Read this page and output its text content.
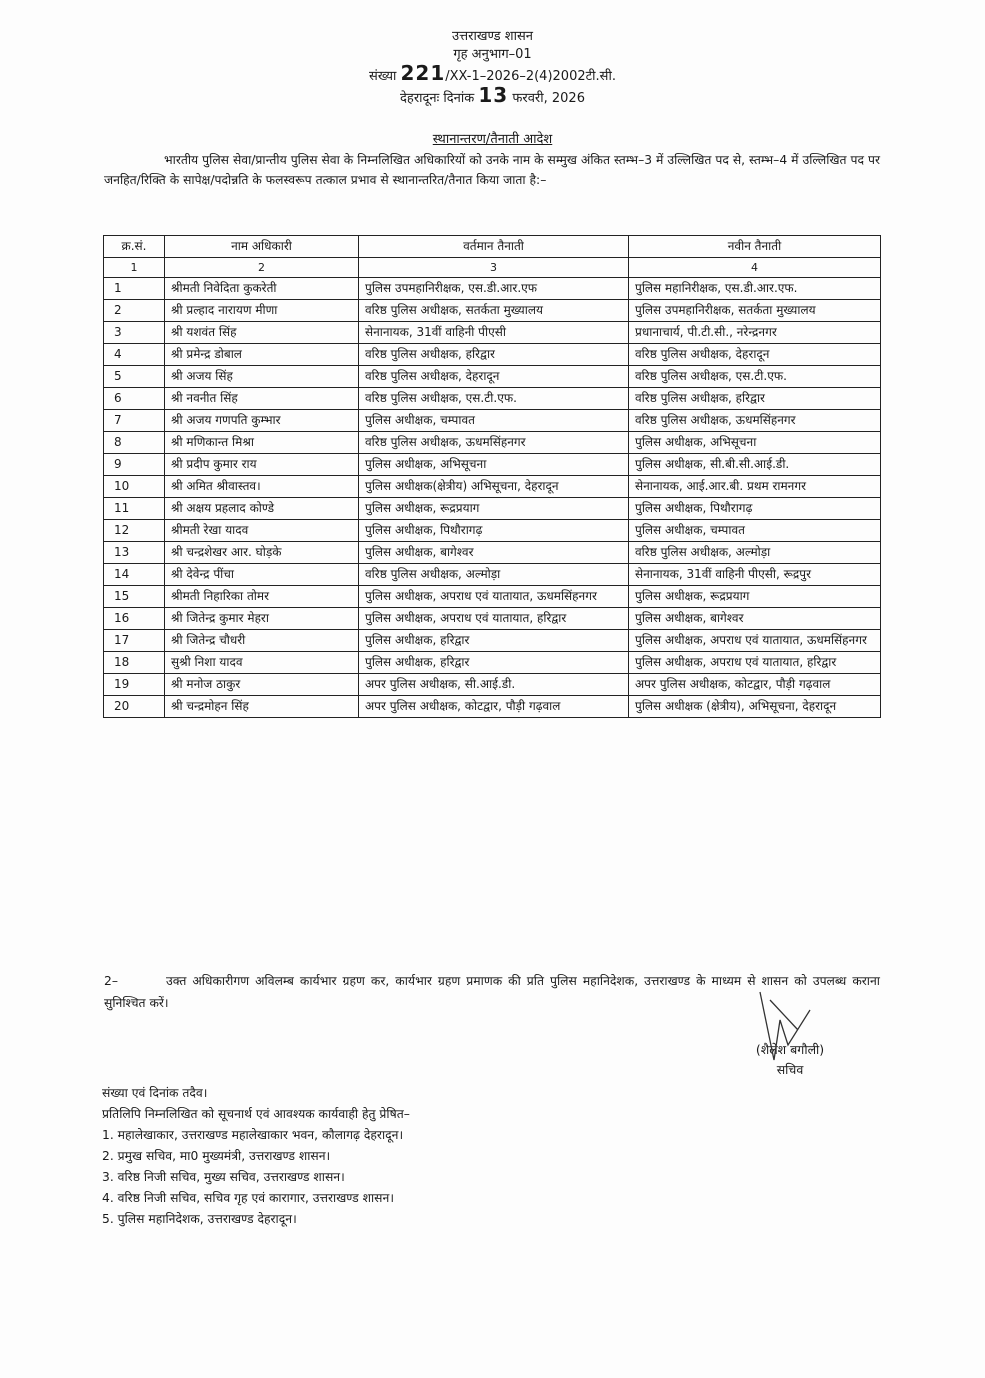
उत्तराखण्ड शासन
गृह अनुभाग–01
संख्या 221/XX-1–2026–2(4)2002टी.सी.
देहरादूनः दिनांक 13 फरवरी, 2026
स्थानान्तरण/तैनाती आदेश
भारतीय पुलिस सेवा/प्रान्तीय पुलिस सेवा के निम्नलिखित अधिकारियों को उनके नाम के सम्मुख अंकित स्तम्भ–3 में उल्लिखित पद से, स्तम्भ–4 में उल्लिखित पद पर जनहित/रिक्ति के सापेक्ष/पदोन्नति के फलस्वरूप तत्काल प्रभाव से स्थानान्तरित/तैनात किया जाता है:–
क्र.सं.	नाम अधिकारी	वर्तमान तैनाती	नवीन तैनाती
1	2	3	4
1	श्रीमती निवेदिता कुकरेती	पुलिस उपमहानिरीक्षक, एस.डी.आर.एफ	पुलिस महानिरीक्षक, एस.डी.आर.एफ.
2	श्री प्रल्हाद नारायण मीणा	वरिष्ठ पुलिस अधीक्षक, सतर्कता मुख्यालय	पुलिस उपमहानिरीक्षक, सतर्कता मुख्यालय
3	श्री यशवंत सिंह	सेनानायक, 31वीं वाहिनी पीएसी	प्रधानाचार्य, पी.टी.सी., नरेन्द्रनगर
4	श्री प्रमेन्द्र डोबाल	वरिष्ठ पुलिस अधीक्षक, हरिद्वार	वरिष्ठ पुलिस अधीक्षक, देहरादून
5	श्री अजय सिंह	वरिष्ठ पुलिस अधीक्षक, देहरादून	वरिष्ठ पुलिस अधीक्षक, एस.टी.एफ.
6	श्री नवनीत सिंह	वरिष्ठ पुलिस अधीक्षक, एस.टी.एफ.	वरिष्ठ पुलिस अधीक्षक, हरिद्वार
7	श्री अजय गणपति कुम्भार	पुलिस अधीक्षक, चम्पावत	वरिष्ठ पुलिस अधीक्षक, ऊधमसिंहनगर
8	श्री मणिकान्त मिश्रा	वरिष्ठ पुलिस अधीक्षक, ऊधमसिंहनगर	पुलिस अधीक्षक, अभिसूचना
9	श्री प्रदीप कुमार राय	पुलिस अधीक्षक, अभिसूचना	पुलिस अधीक्षक, सी.बी.सी.आई.डी.
10	श्री अमित श्रीवास्तव।	पुलिस अधीक्षक(क्षेत्रीय) अभिसूचना, देहरादून	सेनानायक, आई.आर.बी. प्रथम रामनगर
11	श्री अक्षय प्रहलाद कोण्डे	पुलिस अधीक्षक, रूद्रप्रयाग	पुलिस अधीक्षक, पिथौरागढ़
12	श्रीमती रेखा यादव	पुलिस अधीक्षक, पिथौरागढ़	पुलिस अधीक्षक, चम्पावत
13	श्री चन्द्रशेखर आर. घोड़के	पुलिस अधीक्षक, बागेश्वर	वरिष्ठ पुलिस अधीक्षक, अल्मोड़ा
14	श्री देवेन्द्र पींचा	वरिष्ठ पुलिस अधीक्षक, अल्मोड़ा	सेनानायक, 31वीं वाहिनी पीएसी, रूद्रपुर
15	श्रीमती निहारिका तोमर	पुलिस अधीक्षक, अपराध एवं यातायात, ऊधमसिंहनगर	पुलिस अधीक्षक, रूद्रप्रयाग
16	श्री जितेन्द्र कुमार मेहरा	पुलिस अधीक्षक, अपराध एवं यातायात, हरिद्वार	पुलिस अधीक्षक, बागेश्वर
17	श्री जितेन्द्र चौधरी	पुलिस अधीक्षक, हरिद्वार	पुलिस अधीक्षक, अपराध एवं यातायात, ऊधमसिंहनगर
18	सुश्री निशा यादव	पुलिस अधीक्षक, हरिद्वार	पुलिस अधीक्षक, अपराध एवं यातायात, हरिद्वार
19	श्री मनोज ठाकुर	अपर पुलिस अधीक्षक, सी.आई.डी.	अपर पुलिस अधीक्षक, कोटद्वार, पौड़ी गढ़वाल
20	श्री चन्द्रमोहन सिंह	अपर पुलिस अधीक्षक, कोटद्वार, पौड़ी गढ़वाल	पुलिस अधीक्षक (क्षेत्रीय), अभिसूचना, देहरादून
2–	उक्त अधिकारीगण अविलम्ब कार्यभार ग्रहण कर, कार्यभार ग्रहण प्रमाणक की प्रति पुलिस महानिदेशक, उत्तराखण्ड के माध्यम से शासन को उपलब्ध कराना सुनिश्चित करें।
(शैलेश बगौली)
सचिव
संख्या एवं दिनांक तदैव।
प्रतिलिपि निम्नलिखित को सूचनार्थ एवं आवश्यक कार्यवाही हेतु प्रेषित–
1. महालेखाकार, उत्तराखण्ड महालेखाकार भवन, कौलागढ़ देहरादून।
2. प्रमुख सचिव, मा0 मुख्यमंत्री, उत्तराखण्ड शासन।
3. वरिष्ठ निजी सचिव, मुख्य सचिव, उत्तराखण्ड शासन।
4. वरिष्ठ निजी सचिव, सचिव गृह एवं कारागार, उत्तराखण्ड शासन।
5. पुलिस महानिदेशक, उत्तराखण्ड देहरादून।
